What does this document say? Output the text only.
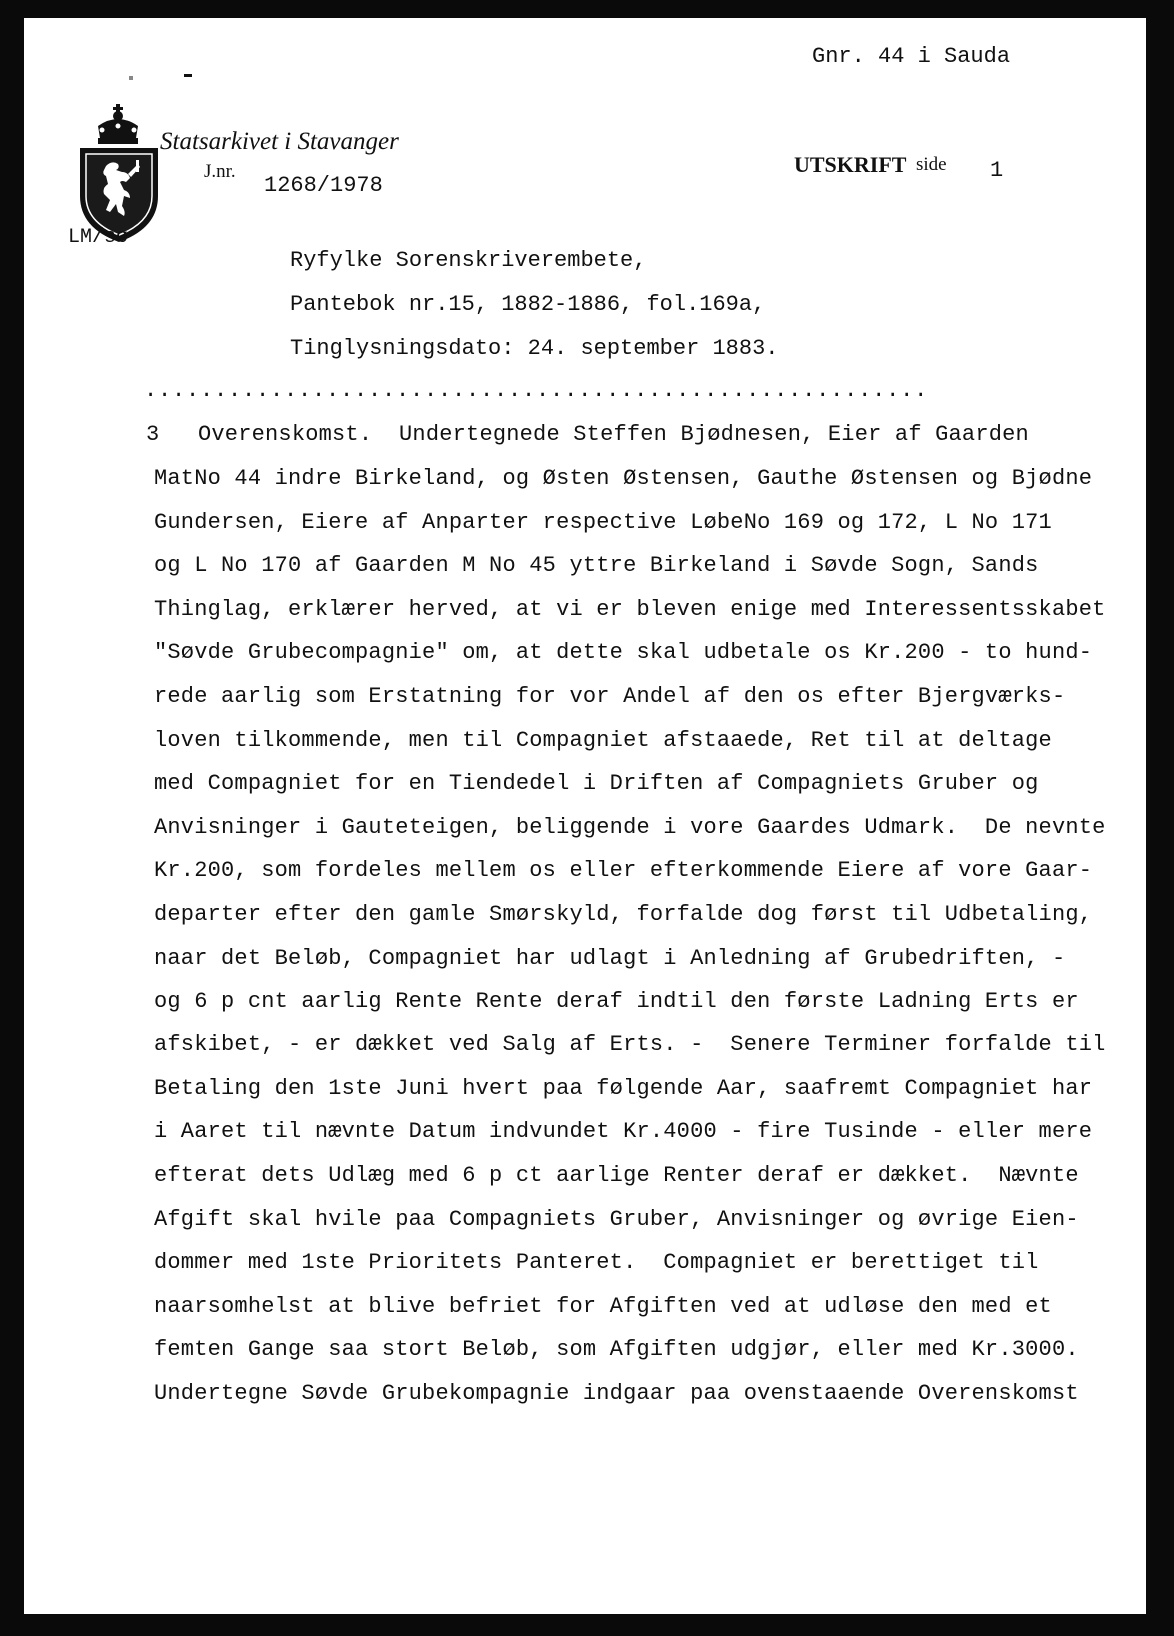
Gnr. 44 i Sauda
Statsarkivet i Stavanger
J.nr.
1268/1978
UTSKRIFT side 1
LM/sø
Ryfylke Sorenskriverembete,
Pantebok nr.15, 1882-1886, fol.169a,
Tinglysningsdato: 24. september 1883.
........................................................
3 Overenskomst.  Undertegnede Steffen Bjødnesen, Eier af Gaarden
MatNo 44 indre Birkeland, og Østen Østensen, Gauthe Østensen og Bjødne
Gundersen, Eiere af Anparter respective LøbeNo 169 og 172, L No 171
og L No 170 af Gaarden M No 45 yttre Birkeland i Søvde Sogn, Sands
Thinglag, erklærer herved, at vi er bleven enige med Interessentsskabet
"Søvde Grubecompagnie" om, at dette skal udbetale os Kr.200 - to hund-
rede aarlig som Erstatning for vor Andel af den os efter Bjergværks-
loven tilkommende, men til Compagniet afstaaede, Ret til at deltage
med Compagniet for en Tiendedel i Driften af Compagniets Gruber og
Anvisninger i Gauteteigen, beliggende i vore Gaardes Udmark.  De nevnte
Kr.200, som fordeles mellem os eller efterkommende Eiere af vore Gaar-
departer efter den gamle Smørskyld, forfalde dog først til Udbetaling,
naar det Beløb, Compagniet har udlagt i Anledning af Grubedriften, -
og 6 p cnt aarlig Rente Rente deraf indtil den første Ladning Erts er
afskibet, - er dækket ved Salg af Erts. -  Senere Terminer forfalde til
Betaling den 1ste Juni hvert paa følgende Aar, saafremt Compagniet har
i Aaret til nævnte Datum indvundet Kr.4000 - fire Tusinde - eller mere
efterat dets Udlæg med 6 p ct aarlige Renter deraf er dækket.  Nævnte
Afgift skal hvile paa Compagniets Gruber, Anvisninger og øvrige Eien-
dommer med 1ste Prioritets Panteret.  Compagniet er berettiget til
naarsomhelst at blive befriet for Afgiften ved at udløse den med et
femten Gange saa stort Beløb, som Afgiften udgjør, eller med Kr.3000.
Undertegne Søvde Grubekompagnie indgaar paa ovenstaaende Overenskomst
